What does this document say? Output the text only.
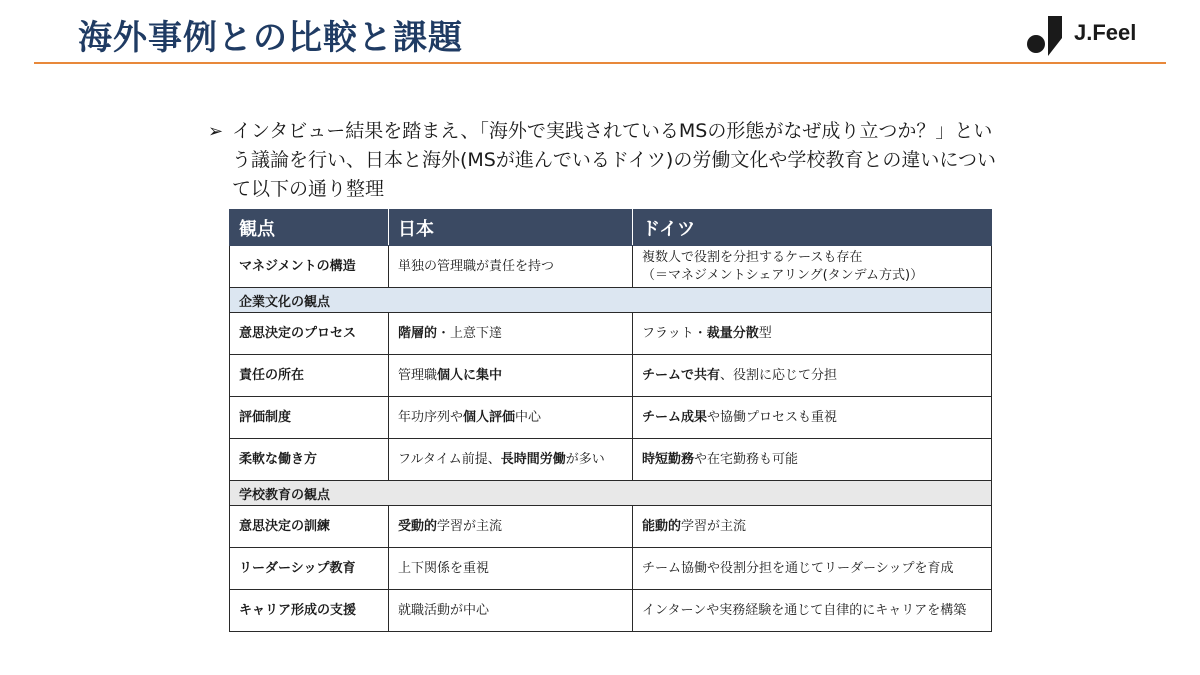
海外事例との比較と課題	J.Feel
➢ インタビュー結果を踏まえ、「海外で実践されているMSの形態がなぜ成り立つか？」という議論を行い、日本と海外(MSが進んでいるドイツ)の労働文化や学校教育との違いについて以下の通り整理
観点	日本	ドイツ
マネジメントの構造	単独の管理職が責任を持つ	複数人で役割を分担するケースも存在
（＝マネジメントシェアリング(タンデム方式)）

企業文化の観点		
意思決定のプロセス	階層的・上意下達	フラット・裁量分散型
責任の所在	管理職個人に集中	チームで共有、役割に応じて分担
評価制度	年功序列や個人評価中心	チーム成果や協働プロセスも重視
柔軟な働き方	フルタイム前提、長時間労働が多い	時短勤務や在宅勤務も可能
学校教育の観点		
意思決定の訓練	受動的学習が主流	能動的学習が主流
リーダーシップ教育	上下関係を重視	チーム協働や役割分担を通じてリーダーシップを育成
キャリア形成の支援	就職活動が中心	インターンや実務経験を通じて自律的にキャリアを構築
